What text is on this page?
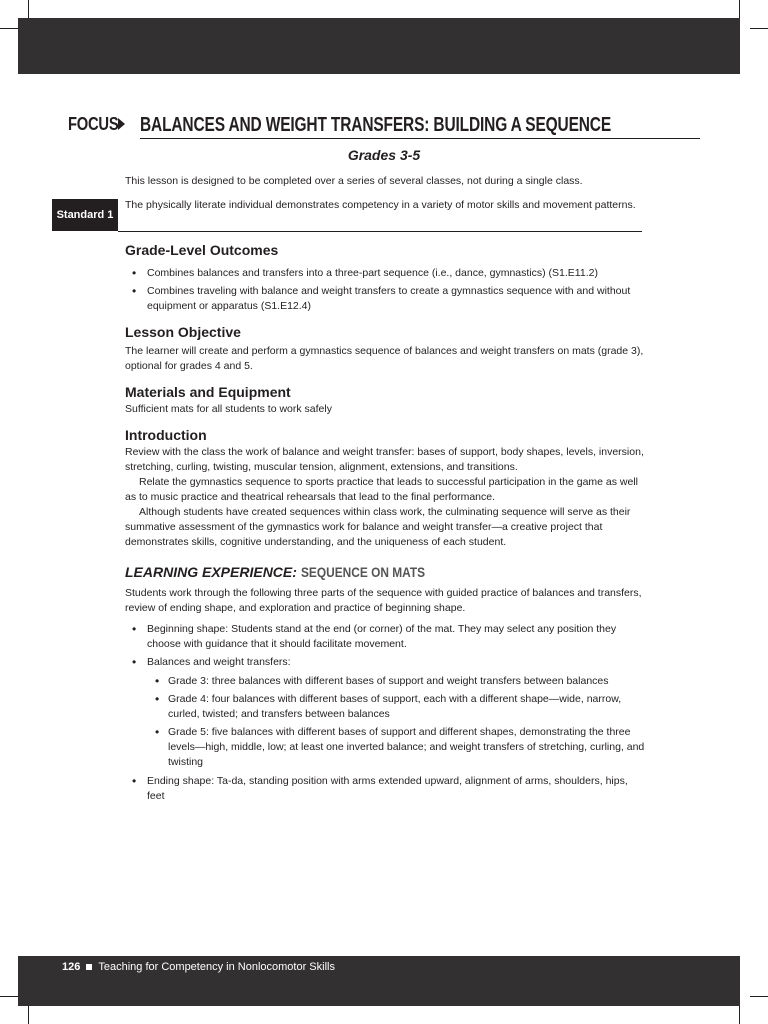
FOCUS BALANCES AND WEIGHT TRANSFERS: BUILDING A SEQUENCE
Grades 3-5
This lesson is designed to be completed over a series of several classes, not during a single class.
Standard 1
The physically literate individual demonstrates competency in a variety of motor skills and movement patterns.
Grade-Level Outcomes
• Combines balances and transfers into a three-part sequence (i.e., dance, gymnastics) (S1.E11.2)
• Combines traveling with balance and weight transfers to create a gymnastics sequence with and without equipment or apparatus (S1.E12.4)
Lesson Objective

The learner will create and perform a gymnastics sequence of balances and weight transfers on mats (grade 3), optional for grades 4 and 5.

Materials and Equipment

Sufficient mats for all students to work safely

Introduction

Review with the class the work of balance and weight transfer: bases of support, body shapes, levels, inversion, stretching, curling, twisting, muscular tension, alignment, extensions, and transitions.

Relate the gymnastics sequence to sports practice that leads to successful participation in the game as well as to music practice and theatrical rehearsals that lead to the final performance.

Although students have created sequences within class work, the culminating sequence will serve as their summative assessment of the gymnastics work for balance and weight transfer—a creative project that demonstrates skills, cognitive understanding, and the uniqueness of each student.

LEARNING EXPERIENCE: SEQUENCE ON MATS

Students work through the following three parts of the sequence with guided practice of balances and transfers, review of ending shape, and exploration and practice of beginning shape.

• Beginning shape: Students stand at the end (or corner) of the mat. They may select any position they choose with guidance that it should facilitate movement.
• Balances and weight transfers:
• Grade 3: three balances with different bases of support and weight transfers between balances
• Grade 4: four balances with different bases of support, each with a different shape—wide, narrow, curled, twisted; and transfers between balances
• Grade 5: five balances with different bases of support and different shapes, demonstrating the three levels—high, middle, low; at least one inverted balance; and weight transfers of stretching, curling, and twisting
• Ending shape: Ta-da, standing position with arms extended upward, alignment of arms, shoulders, hips, feet
126 Teaching for Competency in Nonlocomotor Skills
